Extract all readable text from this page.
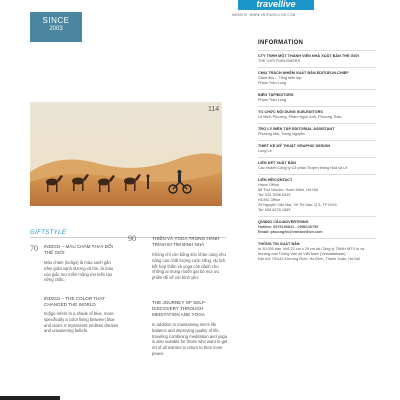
SINCE
2003
travellive
WEBSITE: WWW.VNTRAVELLIVE.COM
114
GIFTSTYLE
70 INDIGO – MÀU CHÀM THAY ĐỔI THẾ GIỚI
Màu chàm (indigo) là màu xanh gắn nắm giữa xanh dương và tím, là màu của giấc mơ miền mộng mơ kiến tạo vững chắc.
INDIGO – THE COLOR THAT CHANGED THE WORLD
Indigo refers to a shade of blue, more specifically a color living between blue and violet. It represents endless dreams and unwavering beliefs.
90	THIỀN VÀ YOGA TRONG HÀNH TRÌNH ĐI TÌM BÌNH NHÃ
Không chỉ còn bổng sức khỏe cùng như nâng cao chất lượng cuộc sống, du lịch kết hợp thiền và yoga còn dành cho những ai mong muốn gạt bỏ mọi ưu phiền để về với bình yên.
THE JOURNEY OF SELF-DISCOVERY THROUGH MEDITATION AND YOGA
In addition to maintaining one's life balance and improving quality of life, traveling combining meditation and yoga is also suitable for those who want to get rid of all worries to return to their inner peace.
INFORMATION
CTY TNHH MỘT THÀNH VIÊN NHÀ XUẤT BẢN THẾ GIỚI
THẾ GIỚI PUBLISHERS
CHỊU TRÁCH NHIỆM XUẤT BẢN EDITOR-IN-CHIEF
Giám đốc – Tổng biên tập
Phạm Trần Long
BIÊN TẬP/EDITORS
Phạm Trần Long
TỔ CHỨC NỘI DUNG SUB-EDITORS
Lê Minh Phượng, Phạm Ngọc Anh, Phương Thảo
TRỢ LÝ BIÊN TẬP EDITORIAL ASSISTANT
Phương Mai, Trang Nguyễn
THIẾT KẾ MỸ THUẬT GRAPHIC DESIGN
Long Lê
LIÊN KẾT XUẤT BẢN
Các nhánh Công ty Cổ phần Truyền thông Hoà và Lê
LIÊN HỆ/CONTACT
Hanoi Office
58 Thợ Nhuộm, Hoàn Kiếm, Hà Nội
Tel: 024 3936 6349
HCMC Office
29 Nguyễn Văn Mai, Võ Thị Sáu, Q.3, TP.HCM
Tel: 028 6276 1569
QUẢNG CÁO/ADVERTISING
Hotline: 0976196811 - 0986116750
Email: phuongltn@vntravellive.com
THÔNG TIN XUẤT BẢN
In 30.000 bản, khổ 22 cm x 29 cm tại Công ty TNHH MTV In và thương mại Thống Văn số Việt Nam (Vinadatabase).
Địa chỉ: 70/142 Khương Đình, Hạ Đình, Thanh Xuân, Hà Nội
